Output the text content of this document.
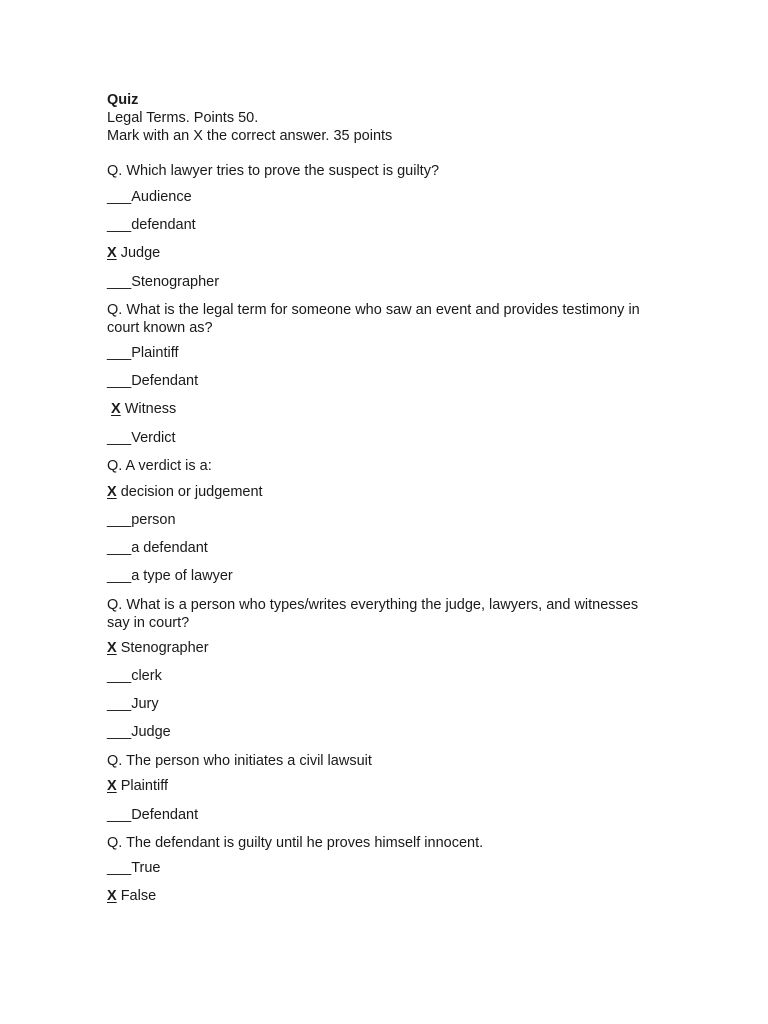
Quiz

Legal Terms. Points 50.

Mark with an X the correct answer. 35 points

Q. Which lawyer tries to prove the suspect is guilty?

___Audience

___defendant

X Judge

___Stenographer

Q. What is the legal term for someone who saw an event and provides testimony in

court known as?

___Plaintiff

___Defendant

X Witness

___Verdict

Q. A verdict is a:

X decision or judgement

___person

___a defendant

___a type of lawyer

Q. What is a person who types/writes everything the judge, lawyers, and witnesses

say in court?

X Stenographer

___clerk

___Jury

___Judge

Q. The person who initiates a civil lawsuit

X Plaintiff

___Defendant

Q. The defendant is guilty until he proves himself innocent.

___True

X False
